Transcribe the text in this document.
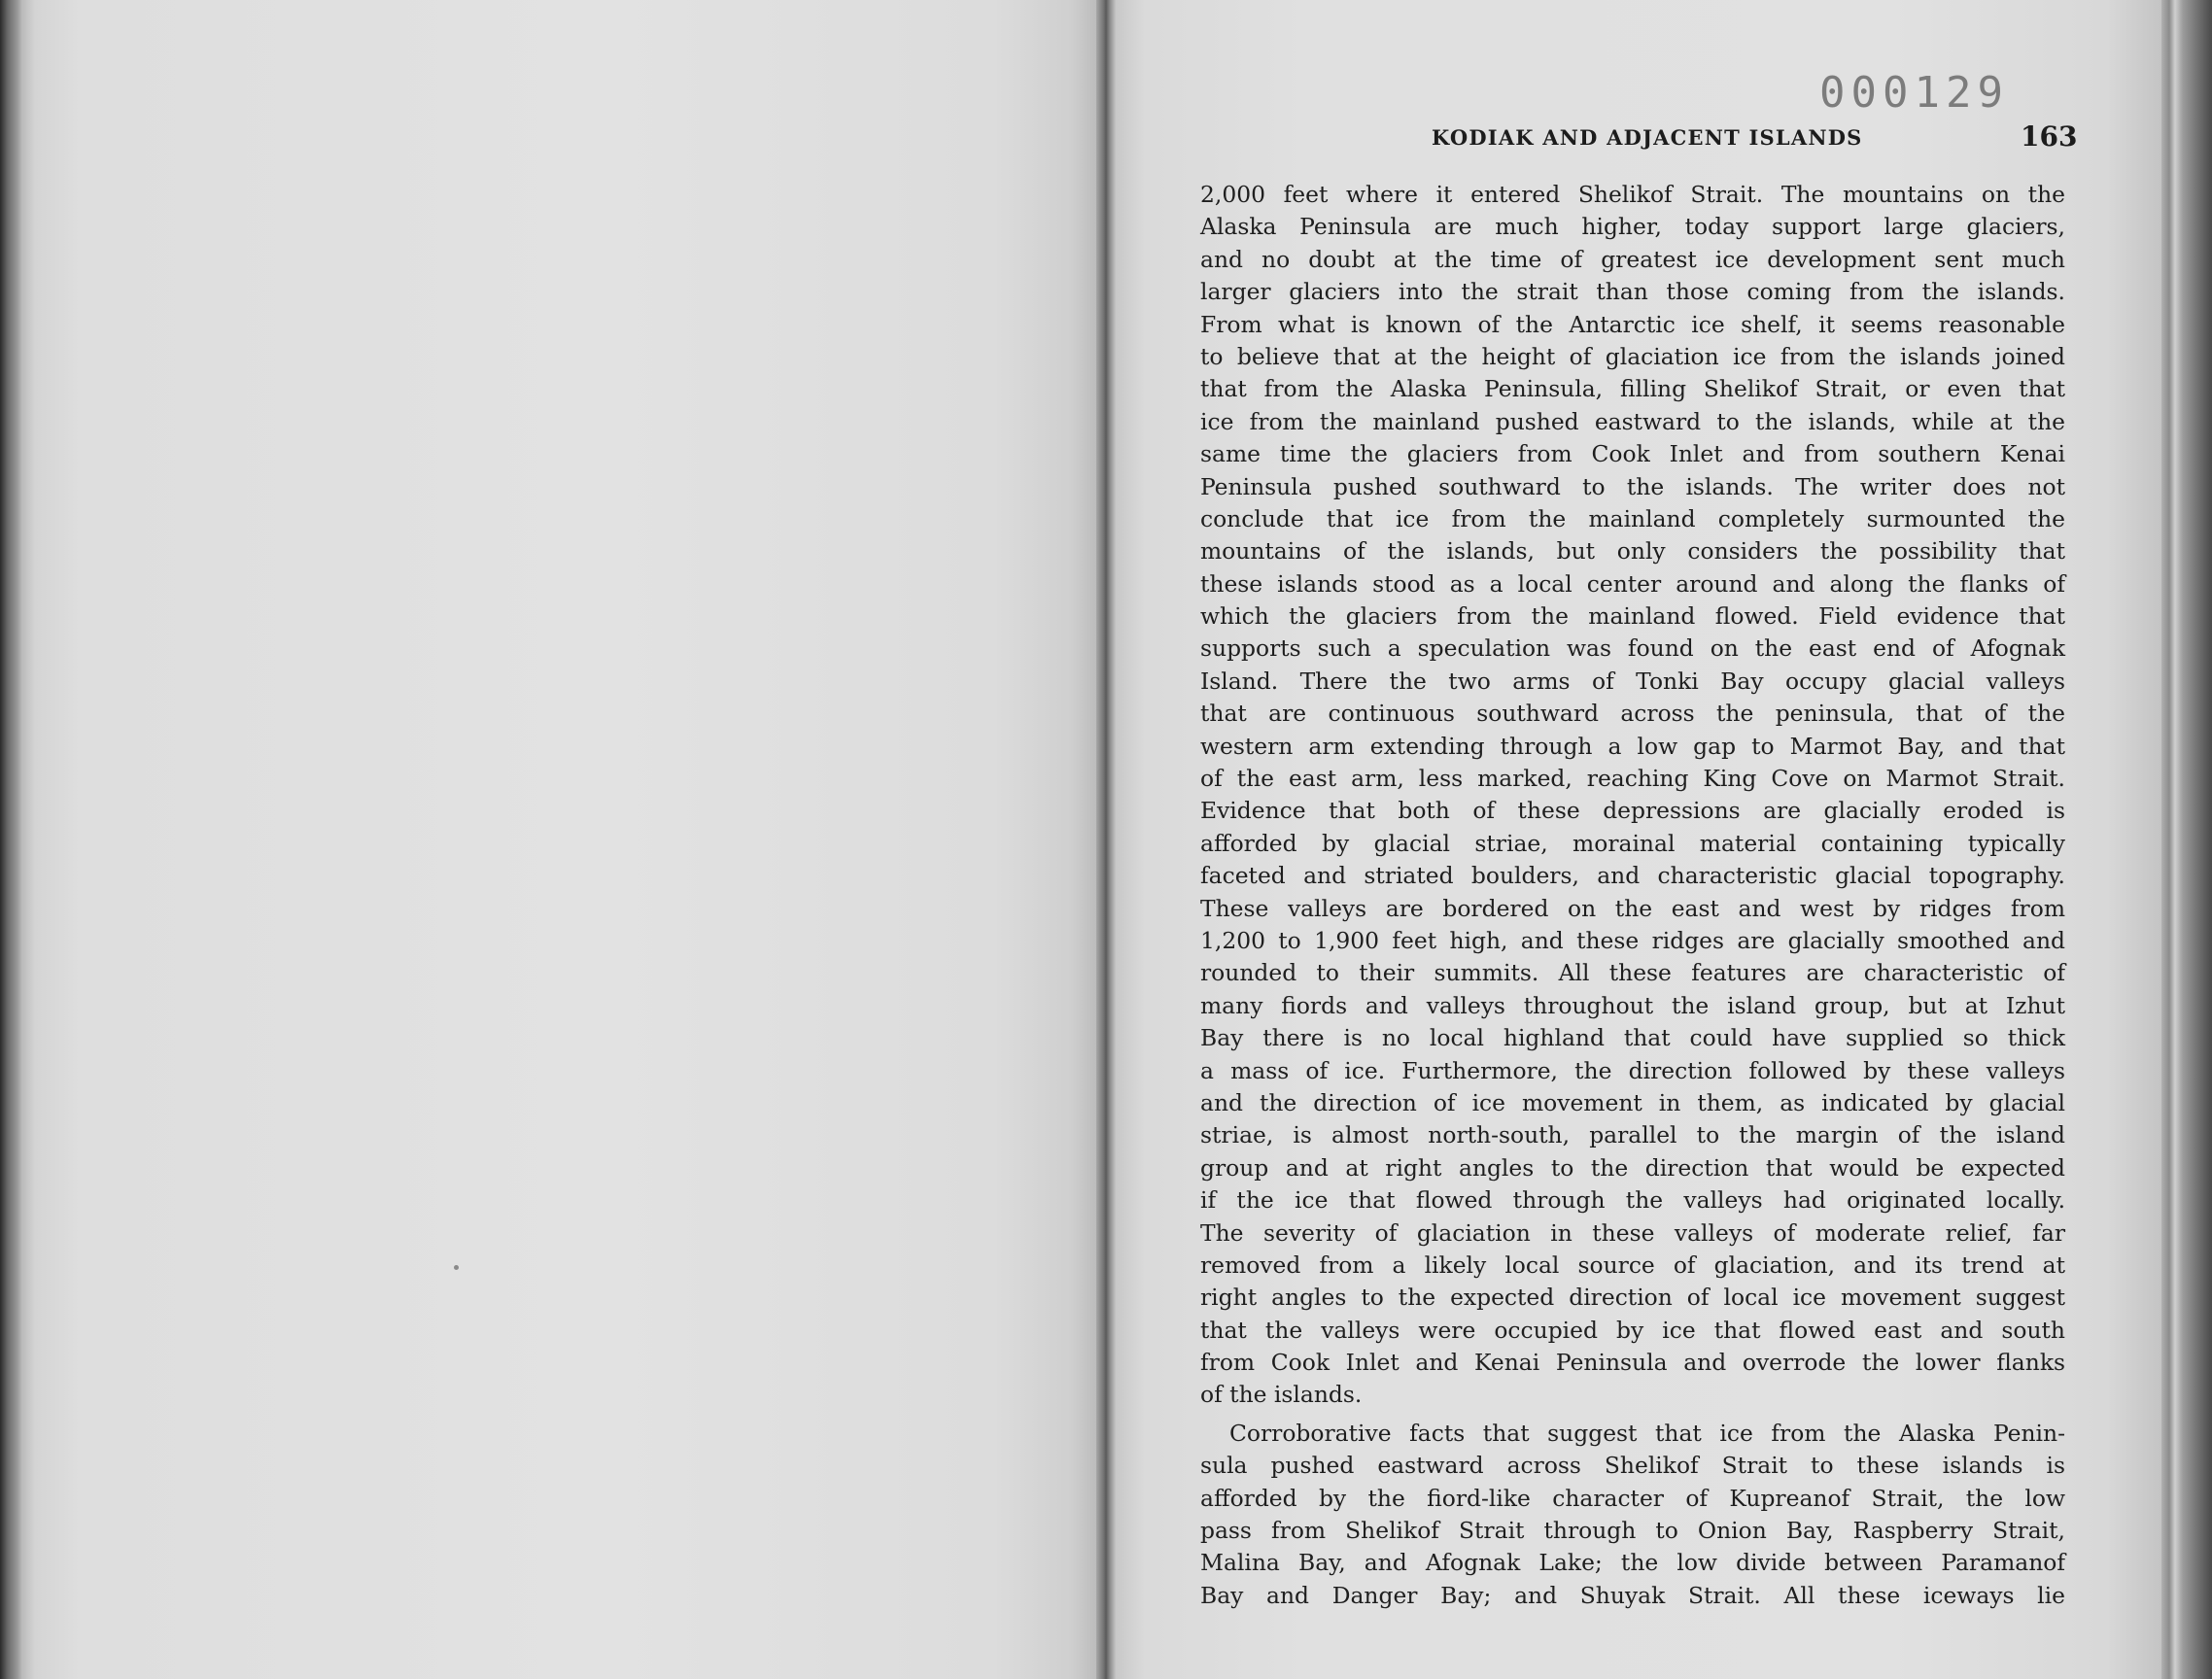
000129
KODIAK AND ADJACENT ISLANDS	163
2,000 feet where it entered Shelikof Strait. The mountains on the
Alaska Peninsula are much higher, today support large glaciers,
and no doubt at the time of greatest ice development sent much
larger glaciers into the strait than those coming from the islands.
From what is known of the Antarctic ice shelf, it seems reasonable
to believe that at the height of glaciation ice from the islands joined
that from the Alaska Peninsula, filling Shelikof Strait, or even that
ice from the mainland pushed eastward to the islands, while at the
same time the glaciers from Cook Inlet and from southern Kenai
Peninsula pushed southward to the islands. The writer does not
conclude that ice from the mainland completely surmounted the
mountains of the islands, but only considers the possibility that
these islands stood as a local center around and along the flanks of
which the glaciers from the mainland flowed. Field evidence that
supports such a speculation was found on the east end of Afognak
Island. There the two arms of Tonki Bay occupy glacial valleys
that are continuous southward across the peninsula, that of the
western arm extending through a low gap to Marmot Bay, and that
of the east arm, less marked, reaching King Cove on Marmot Strait.
Evidence that both of these depressions are glacially eroded is
afforded by glacial striae, morainal material containing typically
faceted and striated boulders, and characteristic glacial topography.
These valleys are bordered on the east and west by ridges from
1,200 to 1,900 feet high, and these ridges are glacially smoothed and
rounded to their summits. All these features are characteristic of
many fiords and valleys throughout the island group, but at Izhut
Bay there is no local highland that could have supplied so thick
a mass of ice. Furthermore, the direction followed by these valleys
and the direction of ice movement in them, as indicated by glacial
striae, is almost north-south, parallel to the margin of the island
group and at right angles to the direction that would be expected
if the ice that flowed through the valleys had originated locally.
The severity of glaciation in these valleys of moderate relief, far
removed from a likely local source of glaciation, and its trend at
right angles to the expected direction of local ice movement suggest
that the valleys were occupied by ice that flowed east and south
from Cook Inlet and Kenai Peninsula and overrode the lower flanks
of the islands.
Corroborative facts that suggest that ice from the Alaska Penin-
sula pushed eastward across Shelikof Strait to these islands is
afforded by the fiord-like character of Kupreanof Strait, the low
pass from Shelikof Strait through to Onion Bay, Raspberry Strait,
Malina Bay, and Afognak Lake; the low divide between Paramanof
Bay and Danger Bay; and Shuyak Strait. All these iceways lie
